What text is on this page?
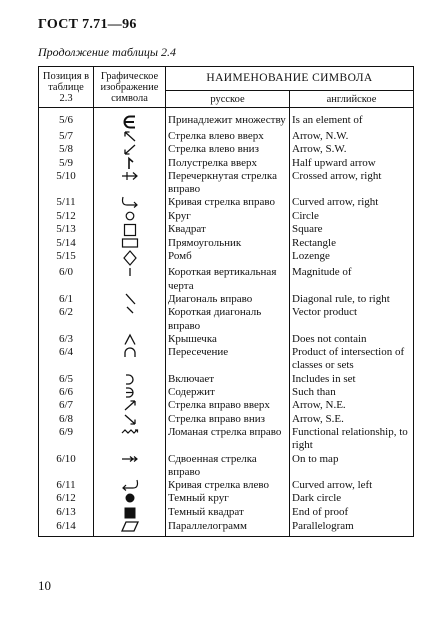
ГОСТ 7.71—96
Продолжение таблицы 2.4
Позиция в таблице 2.3	Графическое изображение символа	НАИМЕНОВАНИЕ СИМВОЛА	
		русское	английское
5/6		Принадлежит множеству	Is an element of
5/7		Стрелка влево вверх	Arrow, N.W.
5/8		Стрелка влево вниз	Arrow, S.W.
5/9		Полустрелка вверх	Half upward arrow
5/10		Перечеркнутая стрелка вправо	Crossed arrow, right
5/11		Кривая стрелка вправо	Curved arrow, right
5/12		Круг	Circle
5/13		Квадрат	Square
5/14		Прямоугольник	Rectangle
5/15		Ромб	Lozenge
6/0		Короткая вертикальная черта	Magnitude of
6/1		Диагональ вправо	Diagonal rule, to right
6/2		Короткая диагональ вправо	Vector product
6/3		Крышечка	Does not contain
6/4		Пересечение	Product of intersection of classes or sets
6/5		Включает	Includes in set
6/6		Содержит	Such than
6/7		Стрелка вправо вверх	Arrow, N.E.
6/8		Стрелка вправо вниз	Arrow, S.E.
6/9		Ломаная стрелка вправо	Functional relationship, to right
6/10		Сдвоенная стрелка вправо	On to map
6/11		Кривая стрелка влево	Curved arrow, left
6/12		Темный круг	Dark circle
6/13		Темный квадрат	End of proof
6/14		Параллелограмм	Parallelogram
10
